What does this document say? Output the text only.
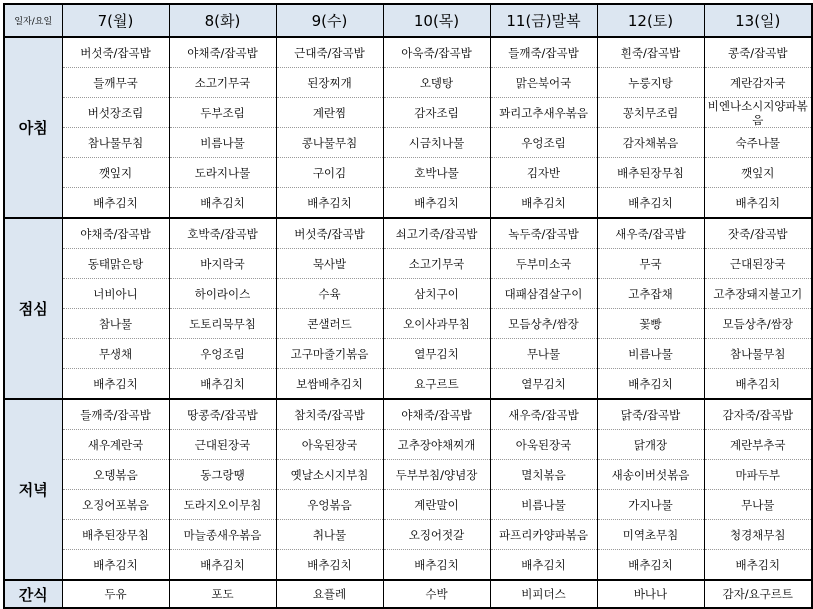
일자/요일	7(월)	8(화)	9(수)	10(목)	11(금)말복	12(토)	13(일)
아침	버섯죽/잡곡밥	야채죽/잡곡밥	근대죽/잡곡밥	아욱죽/잡곡밥	들깨죽/잡곡밥	흰죽/잡곡밥	콩죽/잡곡밥
	들깨무국	소고기무국	된장찌개	오뎅탕	맑은북어국	누룽지탕	계란감자국
	버섯장조림	두부조림	계란찜	감자조림	꽈리고추새우볶음	꽁치무조림	비엔나소시지양파볶음
	참나물무침	비름나물	콩나물무침	시금치나물	우엉조림	감자채볶음	숙주나물
	깻잎지	도라지나물	구이김	호박나물	김자반	배추된장무침	깻잎지
	배추김치	배추김치	배추김치	배추김치	배추김치	배추김치	배추김치
점심	야채죽/잡곡밥	호박죽/잡곡밥	버섯죽/잡곡밥	쇠고기죽/잡곡밥	녹두죽/잡곡밥	새우죽/잡곡밥	잣죽/잡곡밥
	동태맑은탕	바지락국	묵사발	소고기무국	두부미소국	무국	근대된장국
	너비아니	하이라이스	수육	삼치구이	대패삼겹살구이	고추잡채	고추장돼지불고기
	참나물	도토리묵무침	콘샐러드	오이사과무침	모듬상추/쌈장	꽃빵	모듬상추/쌈장
	무생채	우엉조림	고구마줄기볶음	열무김치	무나물	비름나물	참나물무침
	배추김치	배추김치	보쌈배추김치	요구르트	열무김치	배추김치	배추김치
저녁	들깨죽/잡곡밥	땅콩죽/잡곡밥	참치죽/잡곡밥	야채죽/잡곡밥	새우죽/잡곡밥	닭죽/잡곡밥	감자죽/잡곡밥
	새우계란국	근대된장국	아욱된장국	고추장야채찌개	아욱된장국	닭개장	계란부추국
	오뎅볶음	동그랑땡	옛날소시지부침	두부부침/양념장	멸치볶음	새송이버섯볶음	마파두부
	오징어포볶음	도라지오이무침	우엉볶음	계란말이	비름나물	가지나물	무나물
	배추된장무침	마늘종새우볶음	취나물	오징어젓갈	파프리카양파볶음	미역초무침	청경채무침
	배추김치	배추김치	배추김치	배추김치	배추김치	배추김치	배추김치
간식	두유	포도	요플레	수박	비피더스	바나나	감자/요구르트
